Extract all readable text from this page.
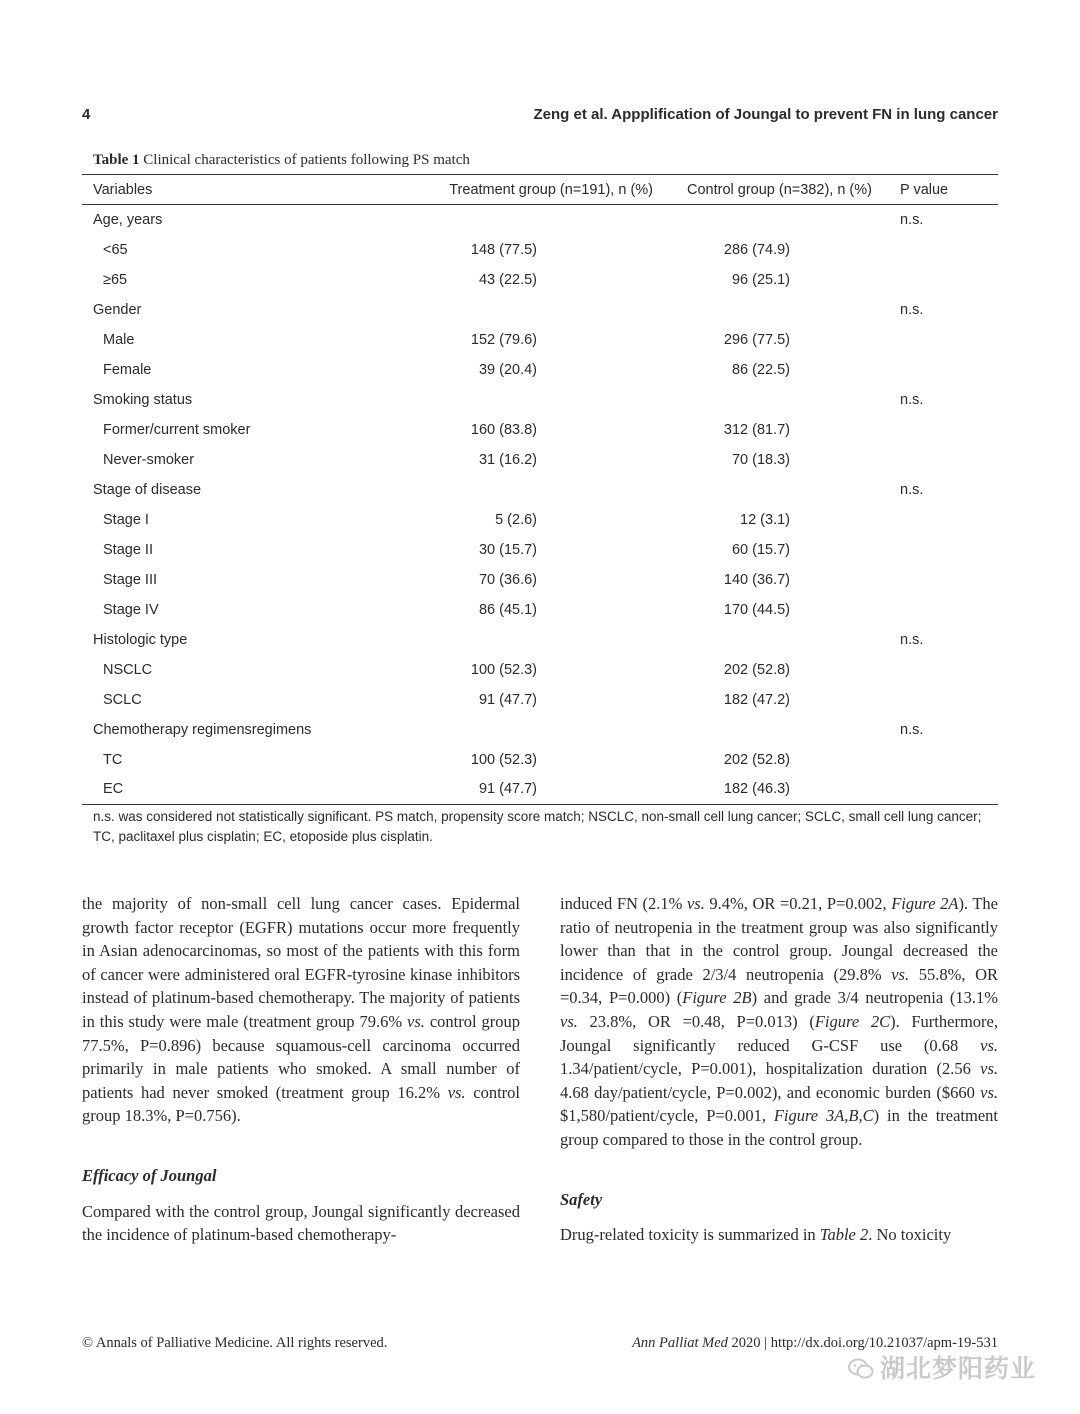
4	Zeng et al. Appplification of Joungal to prevent FN in lung cancer
Table 1 Clinical characteristics of patients following PS match
Variables	Treatment group (n=191), n (%)		Control group (n=382), n (%)		P value
Age, years					n.s.
<65	148 (77.5)		286 (74.9)		
≥65	43 (22.5)		96 (25.1)		
Gender					n.s.
Male	152 (79.6)		296 (77.5)		
Female	39 (20.4)		86 (22.5)		
Smoking status					n.s.
Former/current smoker	160 (83.8)		312 (81.7)		
Never-smoker	31 (16.2)		70 (18.3)		
Stage of disease					n.s.
Stage I	5 (2.6)		12 (3.1)		
Stage II	30 (15.7)		60 (15.7)		
Stage III	70 (36.6)		140 (36.7)		
Stage IV	86 (45.1)		170 (44.5)		
Histologic type					n.s.
NSCLC	100 (52.3)		202 (52.8)		
SCLC	91 (47.7)		182 (47.2)		
Chemotherapy regimensregimens					n.s.
TC	100 (52.3)		202 (52.8)		
EC	91 (47.7)		182 (46.3)		
n.s. was considered not statistically significant. PS match, propensity score match; NSCLC, non-small cell lung cancer; SCLC, small cell lung cancer; TC, paclitaxel plus cisplatin; EC, etoposide plus cisplatin.

the majority of non-small cell lung cancer cases. Epidermal growth factor receptor (EGFR) mutations occur more frequently in Asian adenocarcinomas, so most of the patients with this form of cancer were administered oral EGFR-tyrosine kinase inhibitors instead of platinum-based chemotherapy. The majority of patients in this study were male (treatment group 79.6% vs. control group 77.5%, P=0.896) because squamous-cell carcinoma occurred primarily in male patients who smoked. A small number of patients had never smoked (treatment group 16.2% vs. control group 18.3%, P=0.756).

Efficacy of Joungal

Compared with the control group, Joungal significantly decreased the incidence of platinum-based chemotherapy-

induced FN (2.1% vs. 9.4%, OR =0.21, P=0.002, Figure 2A). The ratio of neutropenia in the treatment group was also significantly lower than that in the control group. Joungal decreased the incidence of grade 2/3/4 neutropenia (29.8% vs. 55.8%, OR =0.34, P=0.000) (Figure 2B) and grade 3/4 neutropenia (13.1% vs. 23.8%, OR =0.48, P=0.013) (Figure 2C). Furthermore, Joungal significantly reduced G-CSF use (0.68 vs. 1.34/patient/cycle, P=0.001), hospitalization duration (2.56 vs. 4.68 day/patient/cycle, P=0.002), and economic burden ($660 vs. $1,580/patient/cycle, P=0.001, Figure 3A,B,C) in the treatment group compared to those in the control group.

Safety

Drug-related toxicity is summarized in Table 2. No toxicity

© Annals of Palliative Medicine. All rights reserved.	Ann Palliat Med 2020 | http://dx.doi.org/10.21037/apm-19-531
湖北梦阳药业
